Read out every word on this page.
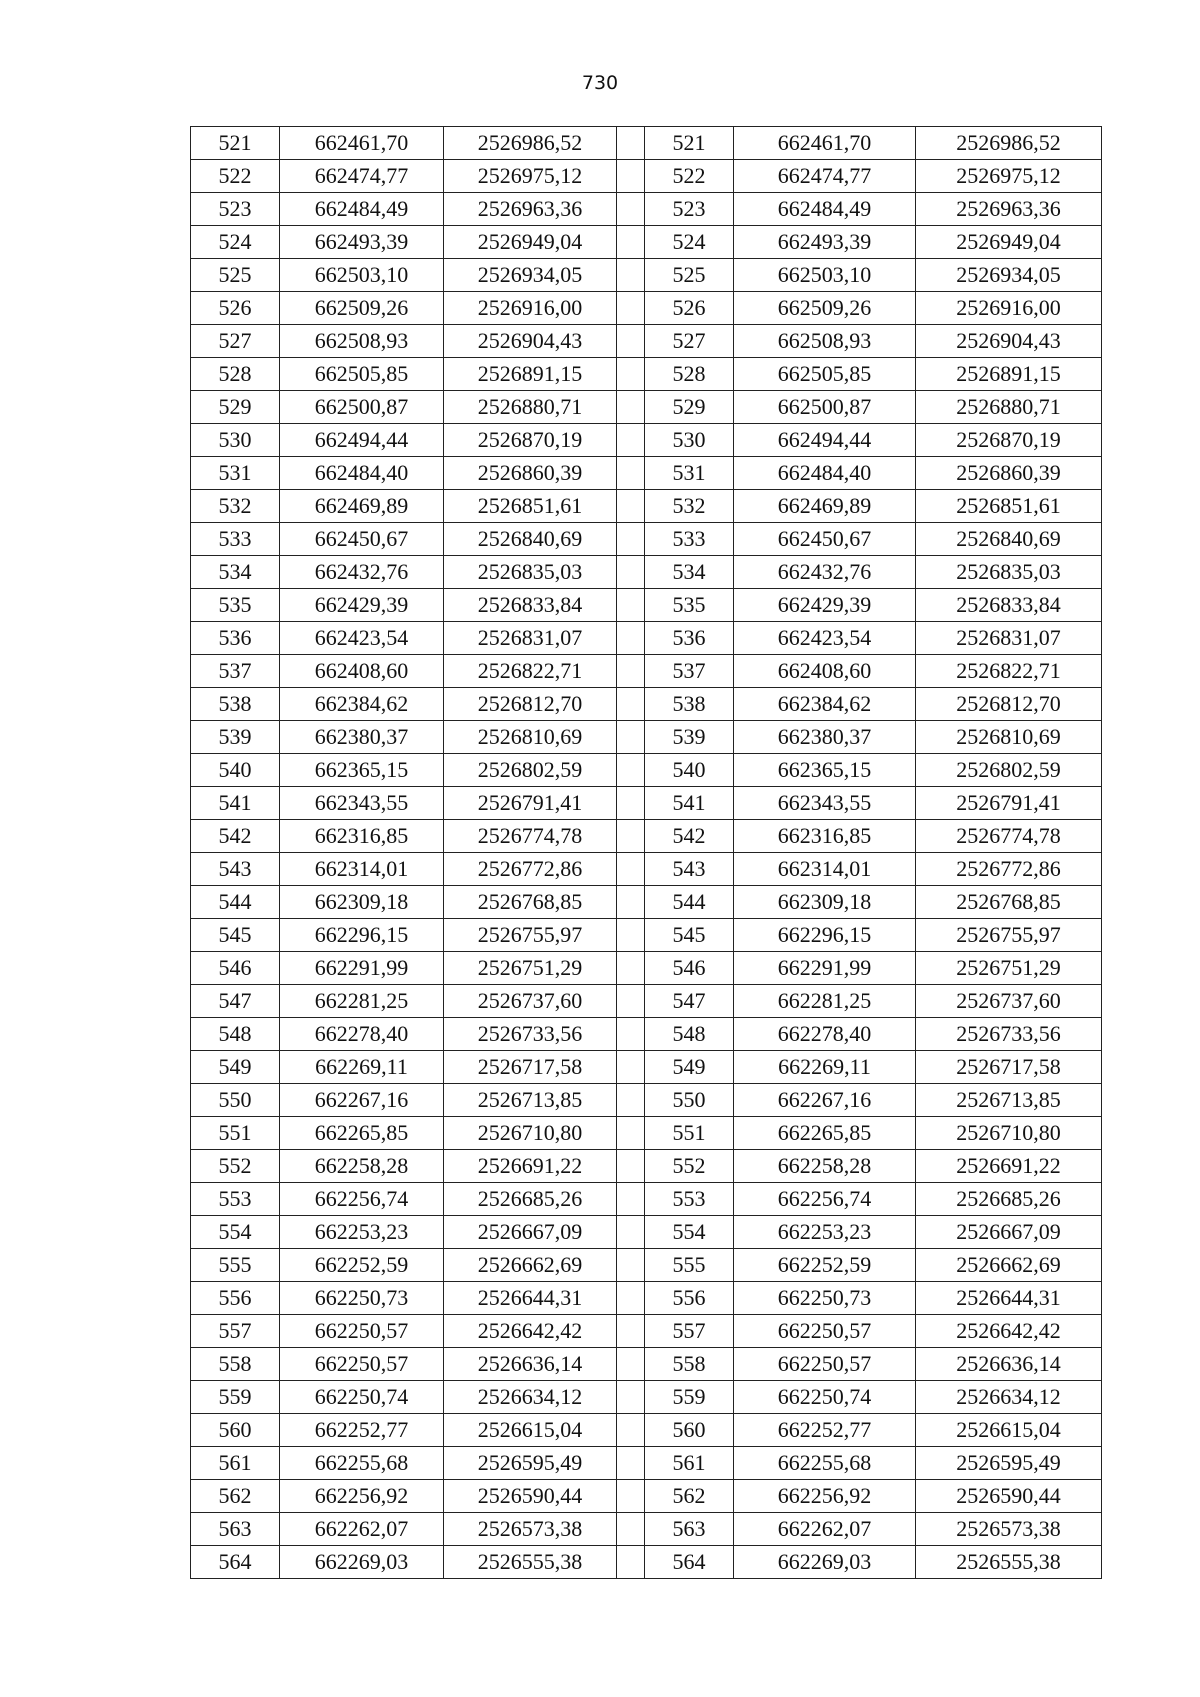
730
521	662461,70	2526986,52		521	662461,70	2526986,52
522	662474,77	2526975,12		522	662474,77	2526975,12
523	662484,49	2526963,36		523	662484,49	2526963,36
524	662493,39	2526949,04		524	662493,39	2526949,04
525	662503,10	2526934,05		525	662503,10	2526934,05
526	662509,26	2526916,00		526	662509,26	2526916,00
527	662508,93	2526904,43		527	662508,93	2526904,43
528	662505,85	2526891,15		528	662505,85	2526891,15
529	662500,87	2526880,71		529	662500,87	2526880,71
530	662494,44	2526870,19		530	662494,44	2526870,19
531	662484,40	2526860,39		531	662484,40	2526860,39
532	662469,89	2526851,61		532	662469,89	2526851,61
533	662450,67	2526840,69		533	662450,67	2526840,69
534	662432,76	2526835,03		534	662432,76	2526835,03
535	662429,39	2526833,84		535	662429,39	2526833,84
536	662423,54	2526831,07		536	662423,54	2526831,07
537	662408,60	2526822,71		537	662408,60	2526822,71
538	662384,62	2526812,70		538	662384,62	2526812,70
539	662380,37	2526810,69		539	662380,37	2526810,69
540	662365,15	2526802,59		540	662365,15	2526802,59
541	662343,55	2526791,41		541	662343,55	2526791,41
542	662316,85	2526774,78		542	662316,85	2526774,78
543	662314,01	2526772,86		543	662314,01	2526772,86
544	662309,18	2526768,85		544	662309,18	2526768,85
545	662296,15	2526755,97		545	662296,15	2526755,97
546	662291,99	2526751,29		546	662291,99	2526751,29
547	662281,25	2526737,60		547	662281,25	2526737,60
548	662278,40	2526733,56		548	662278,40	2526733,56
549	662269,11	2526717,58		549	662269,11	2526717,58
550	662267,16	2526713,85		550	662267,16	2526713,85
551	662265,85	2526710,80		551	662265,85	2526710,80
552	662258,28	2526691,22		552	662258,28	2526691,22
553	662256,74	2526685,26		553	662256,74	2526685,26
554	662253,23	2526667,09		554	662253,23	2526667,09
555	662252,59	2526662,69		555	662252,59	2526662,69
556	662250,73	2526644,31		556	662250,73	2526644,31
557	662250,57	2526642,42		557	662250,57	2526642,42
558	662250,57	2526636,14		558	662250,57	2526636,14
559	662250,74	2526634,12		559	662250,74	2526634,12
560	662252,77	2526615,04		560	662252,77	2526615,04
561	662255,68	2526595,49		561	662255,68	2526595,49
562	662256,92	2526590,44		562	662256,92	2526590,44
563	662262,07	2526573,38		563	662262,07	2526573,38
564	662269,03	2526555,38		564	662269,03	2526555,38
